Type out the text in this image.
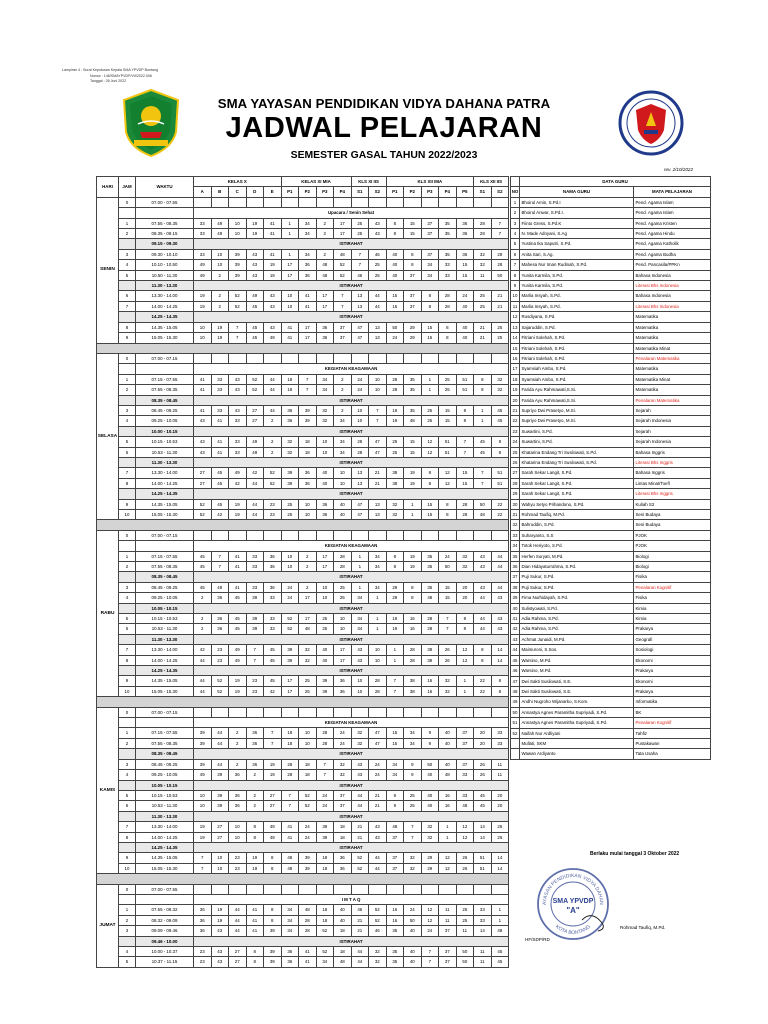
Lampiran 4 : Surat Keputusan Kepala SMA YPVDP Bontang
Nomor : 146/SMAYPVDP/VII/2022.006
Tanggal : 26 Juni 2022
SMA YAYASAN PENDIDIKAN VIDYA DAHANA PATRA
JADWAL PELAJARAN
SEMESTER GASAL TAHUN 2022/2023
rev. 2/10/2022
HARI	JAM	WAKTU	KELAS X					KELAS XI MIA				KLS XI IIS		KLS XII MIA					KLS XII IIS	
			A	B	C	D	E	P1	P2	P3	P4	S1	S2	P1	P2	P3	P4	P5	S1	S2
SENIN	0	07.00 - 07.55																		
			Upacara / Senin Sehat																	
	1	07.55 - 08.35	33	49	10	19	41	1	34	2	17	25	43	8	15	37	35	36	28	7
	2	08.35 - 09.15	33	49	10	19	41	1	34	2	17	25	43	8	15	37	35	36	28	7
		09.15 - 09.30	ISTIRAHAT																	
	3	09.30 - 10.10	33	10	39	43	41	1	34	2	48	7	46	40	8	37	35	36	32	28
	4	10.10 - 10.50	49	10	39	43	19	17	36	48	52	7	25	40	8	34	33	15	32	28
	5	10.50 - 11.30	49	2	39	43	19	17	36	48	52	46	25	40	37	34	33	15	11	50
		11.30 - 13.30	ISTIRAHAT																	
	6	13.30 - 14.00	19	2	52	49	43	10	41	17	7	13	44	15	37	8	28	24	25	21
	7	14.00 - 14.25	19	2	52	45	43	10	41	17	7	13	44	15	37	8	28	40	25	21
		14.25 - 14.35	ISTIRAHAT																	
	8	14.35 - 15.05	10	19	7	45	43	41	17	36	37	47	13	50	29	15	8	40	21	25
	9	15.05 - 15.30	10	19	7	45	49	41	17	36	37	47	13	24	29	15	8	40	21	25

SELASA	0	07.00 - 07.15																		
			KEGIATAN KEAGAMAAN																	
	1	07.15 - 07.55	41	33	43	52	44	18	7	34	2	24	10	28	35	1	25	51	8	32
	2	07.55 - 08.35	41	33	43	52	44	18	7	34	2	24	10	28	35	1	25	51	8	32
		08.35 - 08.45	ISTIRAHAT																	
	3	08.45 - 09.25	41	33	43	27	44	36	39	32	2	10	7	19	35	25	15	8	1	45
	4	09.25 - 10.05	43	41	33	27	2	36	39	32	34	10	7	19	48	25	15	8	1	45
		10.00 - 10.15	ISTIRAHAT																	
	5	10.15 - 10.53	43	41	33	49	2	32	18	10	34	28	47	25	15	12	51	7	45	8
	6	10.53 - 11.30	43	41	33	49	2	32	18	10	34	28	47	25	15	12	51	7	45	8
		11.30 - 13.30	ISTIRAHAT																	
	7	13.30 - 14.00	27	45	49	42	52	39	36	40	10	13	21	38	19	8	12	15	7	51
	8	14.00 - 14.25	27	45	42	44	52	39	36	40	10	13	21	38	19	8	12	15	7	51
		14.25 - 14.35	ISTIRAHAT																	
	9	14.35 - 15.05	52	45	19	44	23	25	10	36	40	47	13	32	1	15	8	28	50	22
	10	15.05 - 15.30	52	42	19	44	23	25	10	36	40	47	13	32	1	15	8	28	48	22

RABU	0	07.00 - 07.15																		
			KEGIATAN KEAGAMAAN																	
	1	07.15 - 07.55	45	7	41	33	36	10	2	17	28	1	34	8	19	35	24	32	43	44
	2	07.55 - 08.35	45	7	41	33	36	10	2	17	28	1	34	8	19	35	50	32	43	44
		08.35 - 08.45	ISTIRAHAT																	
	3	08.45 - 09.25	45	49	41	33	36	24	2	10	25	1	34	29	8	35	15	20	43	44
	4	09.25 - 10.05	2	36	45	39	33	24	17	10	25	34	1	29	8	48	15	20	44	43
		10.05 - 10.15	ISTIRAHAT																	
	5	10.15 - 10.53	2	36	45	39	33	52	17	25	10	34	1	19	16	28	7	8	44	43
	6	10.53 - 11.30	2	36	45	39	33	52	48	25	10	34	1	19	16	28	7	8	44	43
		11.30 - 13.30	ISTIRAHAT																	
	7	13.30 - 14.00	42	23	49	7	45	39	32	40	17	43	10	1	28	38	26	12	8	14
	8	14.00 - 14.25	44	23	49	7	45	39	32	40	17	43	10	1	28	38	26	12	8	14
		14.25 - 14.35	ISTIRAHAT																	
	9	14.35 - 15.05	44	52	19	23	45	17	25	39	36	10	28	7	38	16	32	1	22	8
	10	15.05 - 15.30	44	52	19	23	42	17	25	39	36	10	28	7	38	16	32	1	22	8

KAMIS	0	07.00 - 07.15																		
			KEGIATAN KEAGAMAAN																	
	1	07.15 - 07.55	39	44	2	36	7	18	10	28	24	32	47	15	34	9	40	37	20	33
	2	07.55 - 08.35	39	44	2	36	7	18	10	28	24	32	47	15	34	9	40	37	20	33
		08.35 - 08.45	ISTIRAHAT																	
	3	08.45 - 09.25	39	44	2	36	19	28	18	7	32	43	24	34	9	50	40	37	26	11
	4	09.25 - 10.05	49	39	36	2	19	28	18	7	32	43	24	34	9	40	48	33	26	11
		10.05 - 10.15	ISTIRAHAT																	
	5	10.15 - 10.53	10	39	36	2	27	7	52	24	37	44	21	9	25	40	16	33	45	20
	6	10.53 - 11.30	10	39	36	2	27	7	52	24	37	44	21	9	25	40	16	48	45	20
		11.30 - 13.30	ISTIRAHAT																	
	7	13.30 - 14.00	19	27	10	8	49	41	24	39	18	21	43	48	7	32	1	12	14	26
	8	14.00 - 14.25	19	27	10	8	49	41	24	39	18	21	43	37	7	32	1	12	14	26
		14.25 - 14.35	ISTIRAHAT																	
	9	14.35 - 15.05	7	10	23	19	8	48	39	18	36	52	44	37	32	29	12	26	51	14
	10	15.05 - 15.30	7	10	23	19	8	48	39	18	36	52	44	37	32	29	12	26	51	14

JUMAT	0	07.00 - 07.55																		
			I M T A Q																	
	1	07.55 - 08.32	36	19	44	41	8	34	48	18	40	46	52	16	24	12	11	25	33	1
	2	08.32 - 09.09	36	19	44	41	8	34	28	18	40	21	52	16	50	12	11	25	33	1
	3	09.09 - 09.46	36	43	44	41	39	34	28	52	18	21	46	35	40	24	37	11	14	48
		09.46 - 10.00	ISTIRAHAT																	
	4	10.00 - 10.37	23	43	27	8	39	36	41	52	18	44	32	35	40	7	37	50	11	45
	5	10.37 - 11.15	23	43	27	8	39	36	41	34	48	44	32	35	40	7	37	50	11	45
	DATA GURU	
NO	NAMA GURU	MATA PELAJARAN
1	Bhoirul Amin, S.Pd.I	Pend. Agama Islam
2	Bhoirul Anwar, S.Pd.I.	Pend. Agama Islam
3	Fiinto Gress, S.Pd.K	Pend. Agama Kristen
4	N. Made Adnyani, S.Ag	Pend. Agama Hindu
5	Yustina Ika Saputri, S.Pd.	Pend. Agama Katholik
6	Anita Sari, S.Ag.	Pend. Agama Budha
7	Mahesa Nur Iman Rudinah, S.Pd.	Pend. Pancasila/PPKn
8	Yunita Karmila, S.Pd.	Bahasa Indonesia
9	Yunita Karmila, S.Pd.	Literasi Bhs Indonesia
10	Marlia Insyah, S.Pd.	Bahasa Indonesia
11	Marlia Insyah, S.Pd.	Literasi Bhs Indonesia
12	Rusdiyana, S.Pd.	Matematika
13	Sajaruddin, S.Pd.	Matematika
14	Fitriani Solehah, S.Pd.	Matematika
15	Fitriani Solehah, S.Pd.	Matematika Minat
16	Fitriani Solehah, S.Pd.	Penalaran Matematika
17	Syamsiah Ambo, S.Pd.	Matematika
18	Syamsiah Ambo, S.Pd.	Matematika Minat
19	Farida Ayu Rahmawati,S.Si.	Matematika
20	Farida Ayu Rahmawati,S.Si.	Penalaran Matematika
21	Supriyo Dwi Prasetyo, M.Si.	Sejarah
22	Supriyo Dwi Prasetyo, M.Si.	Sejarah Indonesia
23	Suwartini, S.Pd.	Sejarah
24	Suwartini, S.Pd.	Sejarah Indonesia
25	Khatarina Endang Tri Susilowati, S.Pd.	Bahasa Inggris
26	Khatarina Endang Tri Susilowati, S.Pd.	Literasi Bhs Inggris
27	Sarah Sekar Langit, S.Pd.	Bahasa Inggris
28	Sarah Sekar Langit, S.Pd.	Lintas Minat/Toefl
29	Sarah Sekar Langit, S.Pd.	Literasi Bhs Inggris
30	Wahyu Setyo Prihandono, S.Pd.	Kuliah S2
31	Rohmad Taufiq, M.Pd.	Seni Budaya
32	Bahruddin, S.Pd.	Seni Budaya
33	Suharyanto, S.S	PJOK
34	Totok Heriyoto, S.Pd.	PJOK
35	Herfen Suryati, M.Pd.	Biologi
36	Dian Hidayaturrahma, S.Pd.	Biologi
37	Puji Sukur, S.Pd.	Fisika
38	Puji Sukur, S.Pd.	Penalaran Kognitif
39	Fima Nurhidayah, S.Pd.	Fisika
40	Sulistyowati, S.Pd.	Kimia
41	Adia Rahma, S.Pd.	Kimia
42	Adia Rahma, S.Pd.	Prakarya
43	Achmat Junaidi, M.Pd.	Geografi
44	Maimuroni, S.Sos.	Sosiologi
45	Warsino, M.Pd.	Ekonomi
46	Warsino, M.Pd.	Prakarya
47	Dwi Sakti Susilowati, S.E.	Ekonomi
48	Dwi Sakti Susilowati, S.E.	Prakarya
49	Andhi Nugroho Wijanarko, S.Kom.	Informatika
50	Annastya Agnes Paramitha Supriyadi, S.Pd.	BK
51	Annastya Agnes Paramitha Supriyadi, S.Pd.	Penalaran Kognitif
52	Naifah Nur Ardliyani	Tahfiz
	Mullati, SKM	Pustakawan
	Wawan Ardiyanto	Tata Usaha
Berlaku mulai tanggal 3 Oktober 2022
AYASAN PENDIDIKAN VIDYA DAHAN
KOTA BONTANG
SMA YPVDP
"A"
Rohmad Taufiq, M.Pd.
HF/SDP/RD
